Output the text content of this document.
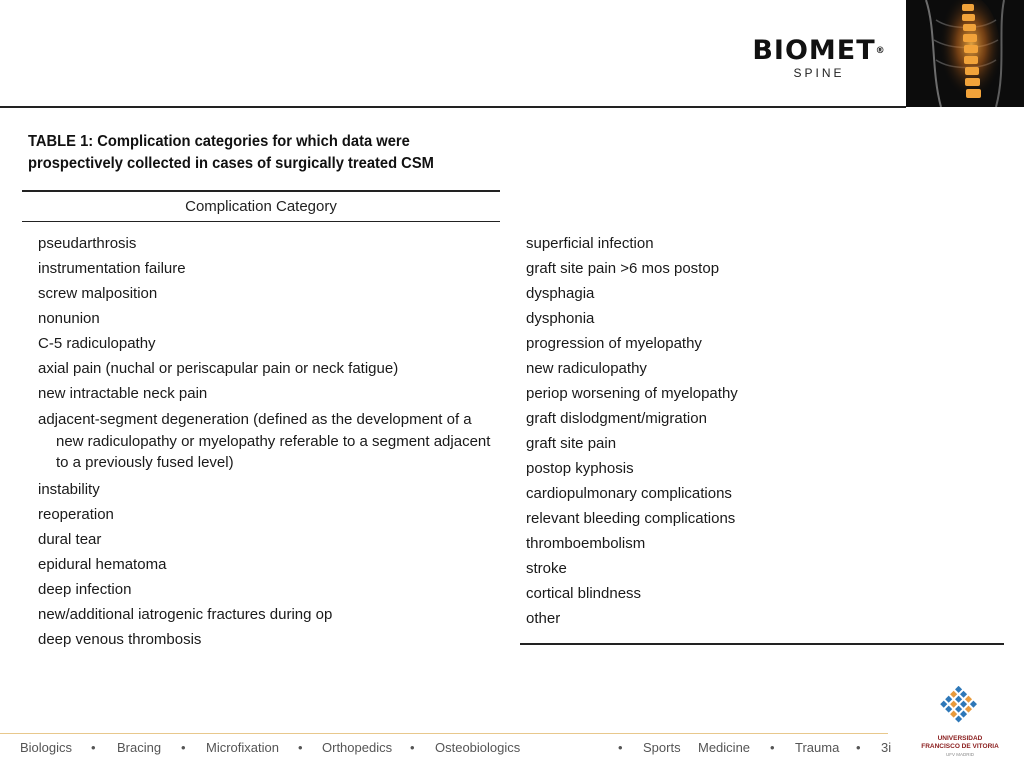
BIOMET®
SPINE
TABLE 1: Complication categories for which data were
prospectively collected in cases of surgically treated CSM
Complication Category
pseudarthrosis
instrumentation failure
screw malposition
nonunion
C-5 radiculopathy
axial pain (nuchal or periscapular pain or neck fatigue)
new intractable neck pain
adjacent-segment degeneration (defined as the development of a new radiculopathy or myelopathy referable to a segment adjacent to a previously fused level)
instability
reoperation
dural tear
epidural hematoma
deep infection
new/additional iatrogenic fractures during op
deep venous thrombosis
superficial infection
graft site pain >6 mos postop
dysphagia
dysphonia
progression of myelopathy
new radiculopathy
periop worsening of myelopathy
graft dislodgment/migration
graft site pain
postop kyphosis
cardiopulmonary complications
relevant bleeding complications
thromboembolism
stroke
cortical blindness
other
Biologics • Bracing • Microfixation • Orthopedics • Osteobiologics	• Sports Medicine • Trauma • 3i
UNIVERSIDAD
FRANCISCO DE VITORIA
UFV MADRID
